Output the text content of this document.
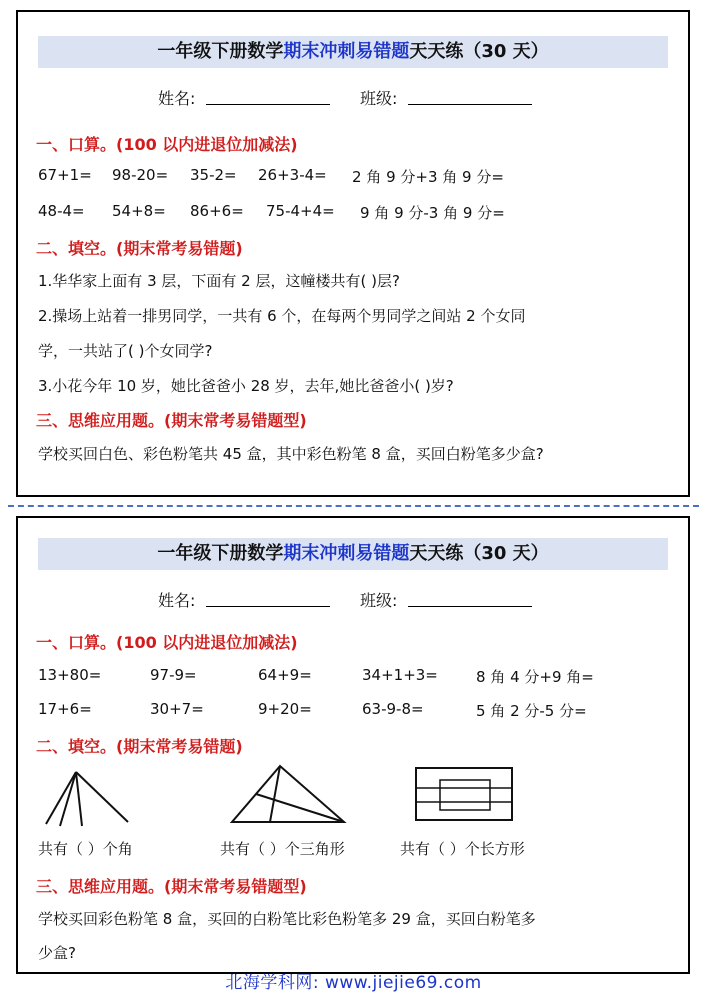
一年级下册数学期末冲刺易错题天天练（30 天）
姓名:	班级:
一、口算。(100 以内进退位加减法)
67+1= 98-20= 35-2= 26+3-4= 2 角 9 分+3 角 9 分=
48-4= 54+8= 86+6= 75-4+4= 9 角 9 分-3 角 9 分=
二、填空。(期末常考易错题)
1.华华家上面有 3 层，下面有 2 层，这幢楼共有( )层?
2.操场上站着一排男同学，一共有 6 个，在每两个男同学之间站 2 个女同
学，一共站了( )个女同学?
3.小花今年 10 岁，她比爸爸小 28 岁，去年,她比爸爸小( )岁?
三、思维应用题。(期末常考易错题型)
学校买回白色、彩色粉笔共 45 盒，其中彩色粉笔 8 盒，买回白粉笔多少盒?
一年级下册数学期末冲刺易错题天天练（30 天）
姓名:	班级:
一、口算。(100 以内进退位加减法)
13+80=	97-9=	64+9=	34+1+3=	8 角 4 分+9 角=
17+6=	30+7=	9+20=	63-9-8=	5 角 2 分-5 分=
二、填空。(期末常考易错题)
共有（ ）个角	共有（ ）个三角形	共有（ ）个长方形
三、思维应用题。(期末常考易错题型)
学校买回彩色粉笔 8 盒，买回的白粉笔比彩色粉笔多 29 盒，买回白粉笔多
少盒?
北海学科网: www.jiejie69.com
